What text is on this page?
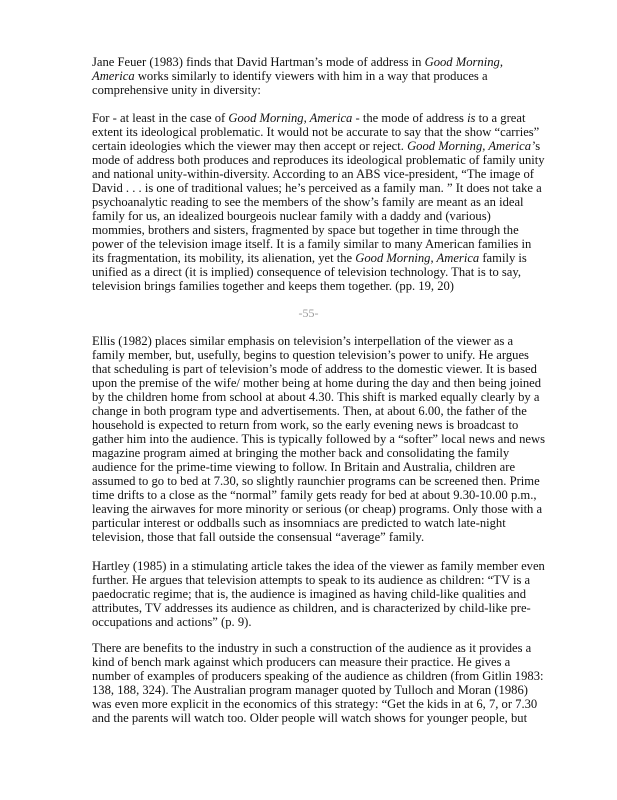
Jane Feuer (1983) finds that David Hartman’s mode of address in Good Morning,
America works similarly to identify viewers with him in a way that produces a
comprehensive unity in diversity:
For - at least in the case of Good Morning, America - the mode of address is to a great
extent its ideological problematic. It would not be accurate to say that the show “carries”
certain ideologies which the viewer may then accept or reject. Good Morning, America’s
mode of address both produces and reproduces its ideological problematic of family unity
and national unity-within-diversity. According to an ABS vice-president, “The image of
David . . . is one of traditional values; he’s perceived as a family man. ” It does not take a
psychoanalytic reading to see the members of the show’s family are meant as an ideal
family for us, an idealized bourgeois nuclear family with a daddy and (various)
mommies, brothers and sisters, fragmented by space but together in time through the
power of the television image itself. It is a family similar to many American families in
its fragmentation, its mobility, its alienation, yet the Good Morning, America family is
unified as a direct (it is implied) consequence of television technology. That is to say,
television brings families together and keeps them together. (pp. 19, 20)
-55-
Ellis (1982) places similar emphasis on television’s interpellation of the viewer as a
family member, but, usefully, begins to question television’s power to unify. He argues
that scheduling is part of television’s mode of address to the domestic viewer. It is based
upon the premise of the wife/ mother being at home during the day and then being joined
by the children home from school at about 4.30. This shift is marked equally clearly by a
change in both program type and advertisements. Then, at about 6.00, the father of the
household is expected to return from work, so the early evening news is broadcast to
gather him into the audience. This is typically followed by a “softer” local news and news
magazine program aimed at bringing the mother back and consolidating the family
audience for the prime-time viewing to follow. In Britain and Australia, children are
assumed to go to bed at 7.30, so slightly raunchier programs can be screened then. Prime
time drifts to a close as the “normal” family gets ready for bed at about 9.30-10.00 p.m.,
leaving the airwaves for more minority or serious (or cheap) programs. Only those with a
particular interest or oddballs such as insomniacs are predicted to watch late-night
television, those that fall outside the consensual “average” family.
Hartley (1985) in a stimulating article takes the idea of the viewer as family member even
further. He argues that television attempts to speak to its audience as children: “TV is a
paedocratic regime; that is, the audience is imagined as having child-like qualities and
attributes, TV addresses its audience as children, and is characterized by child-like pre-
occupations and actions” (p. 9).
There are benefits to the industry in such a construction of the audience as it provides a
kind of bench mark against which producers can measure their practice. He gives a
number of examples of producers speaking of the audience as children (from Gitlin 1983:
138, 188, 324). The Australian program manager quoted by Tulloch and Moran (1986)
was even more explicit in the economics of this strategy: “Get the kids in at 6, 7, or 7.30
and the parents will watch too. Older people will watch shows for younger people, but
